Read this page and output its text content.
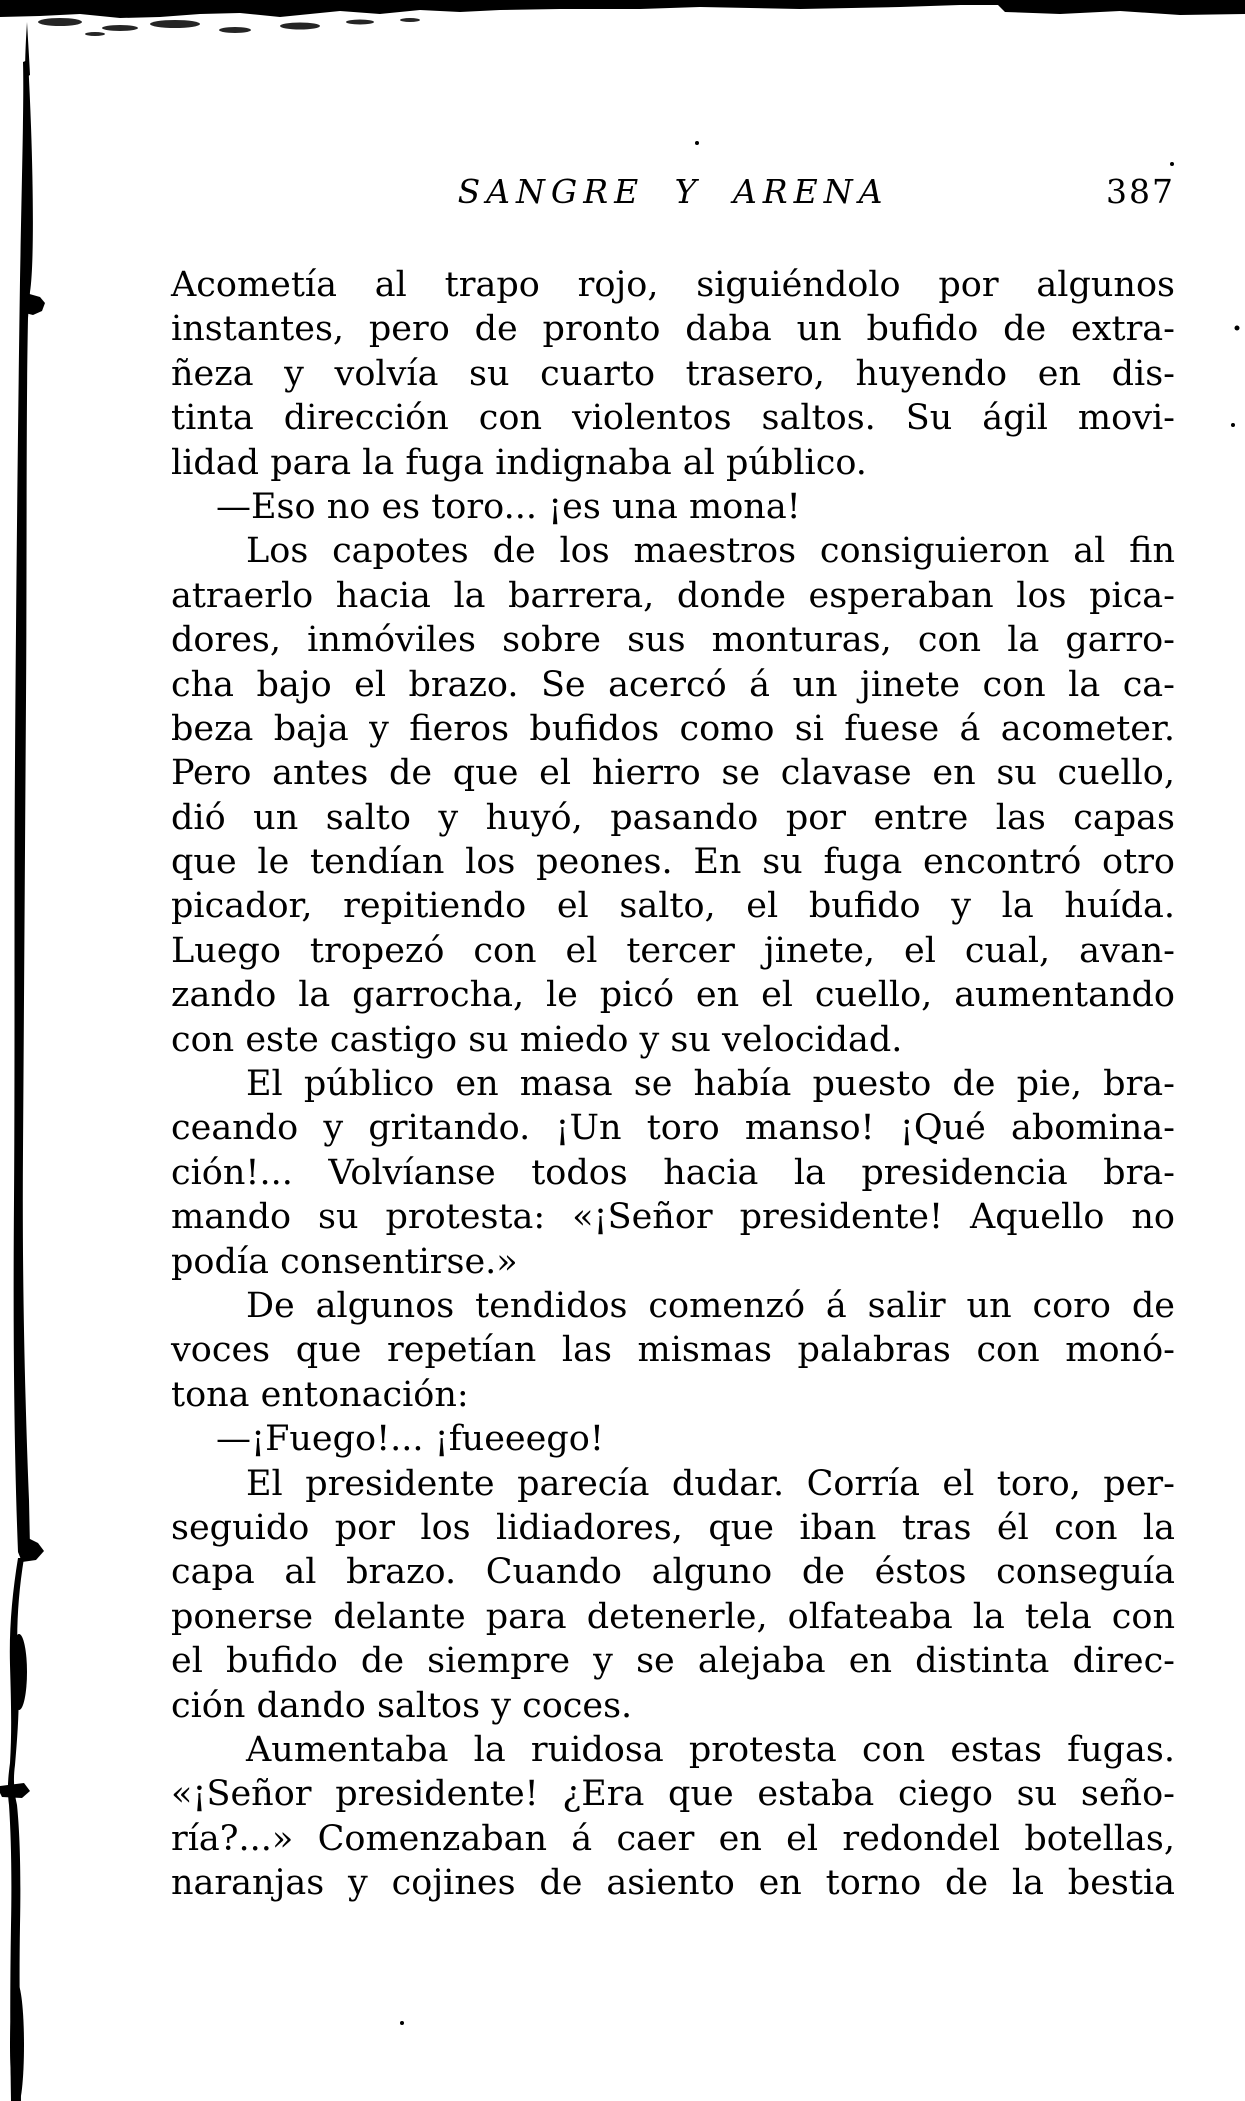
SANGRE Y ARENA	387
Acometía al trapo rojo, siguiéndolo por algunos
instantes, pero de pronto daba un bufido de extra-
ñeza y volvía su cuarto trasero, huyendo en dis-
tinta dirección con violentos saltos. Su ágil movi-
lidad para la fuga indignaba al público.
—Eso no es toro... ¡es una mona!
Los capotes de los maestros consiguieron al fin
atraerlo hacia la barrera, donde esperaban los pica-
dores, inmóviles sobre sus monturas, con la garro-
cha bajo el brazo. Se acercó á un jinete con la ca-
beza baja y fieros bufidos como si fuese á acometer.
Pero antes de que el hierro se clavase en su cuello,
dió un salto y huyó, pasando por entre las capas
que le tendían los peones. En su fuga encontró otro
picador, repitiendo el salto, el bufido y la huída.
Luego tropezó con el tercer jinete, el cual, avan-
zando la garrocha, le picó en el cuello, aumentando
con este castigo su miedo y su velocidad.
El público en masa se había puesto de pie, bra-
ceando y gritando. ¡Un toro manso! ¡Qué abomina-
ción!... Volvíanse todos hacia la presidencia bra-
mando su protesta: «¡Señor presidente! Aquello no
podía consentirse.»
De algunos tendidos comenzó á salir un coro de
voces que repetían las mismas palabras con monó-
tona entonación:
—¡Fuego!... ¡fueeego!
El presidente parecía dudar. Corría el toro, per-
seguido por los lidiadores, que iban tras él con la
capa al brazo. Cuando alguno de éstos conseguía
ponerse delante para detenerle, olfateaba la tela con
el bufido de siempre y se alejaba en distinta direc-
ción dando saltos y coces.
Aumentaba la ruidosa protesta con estas fugas.
«¡Señor presidente! ¿Era que estaba ciego su seño-
ría?...» Comenzaban á caer en el redondel botellas,
naranjas y cojines de asiento en torno de la bestia
